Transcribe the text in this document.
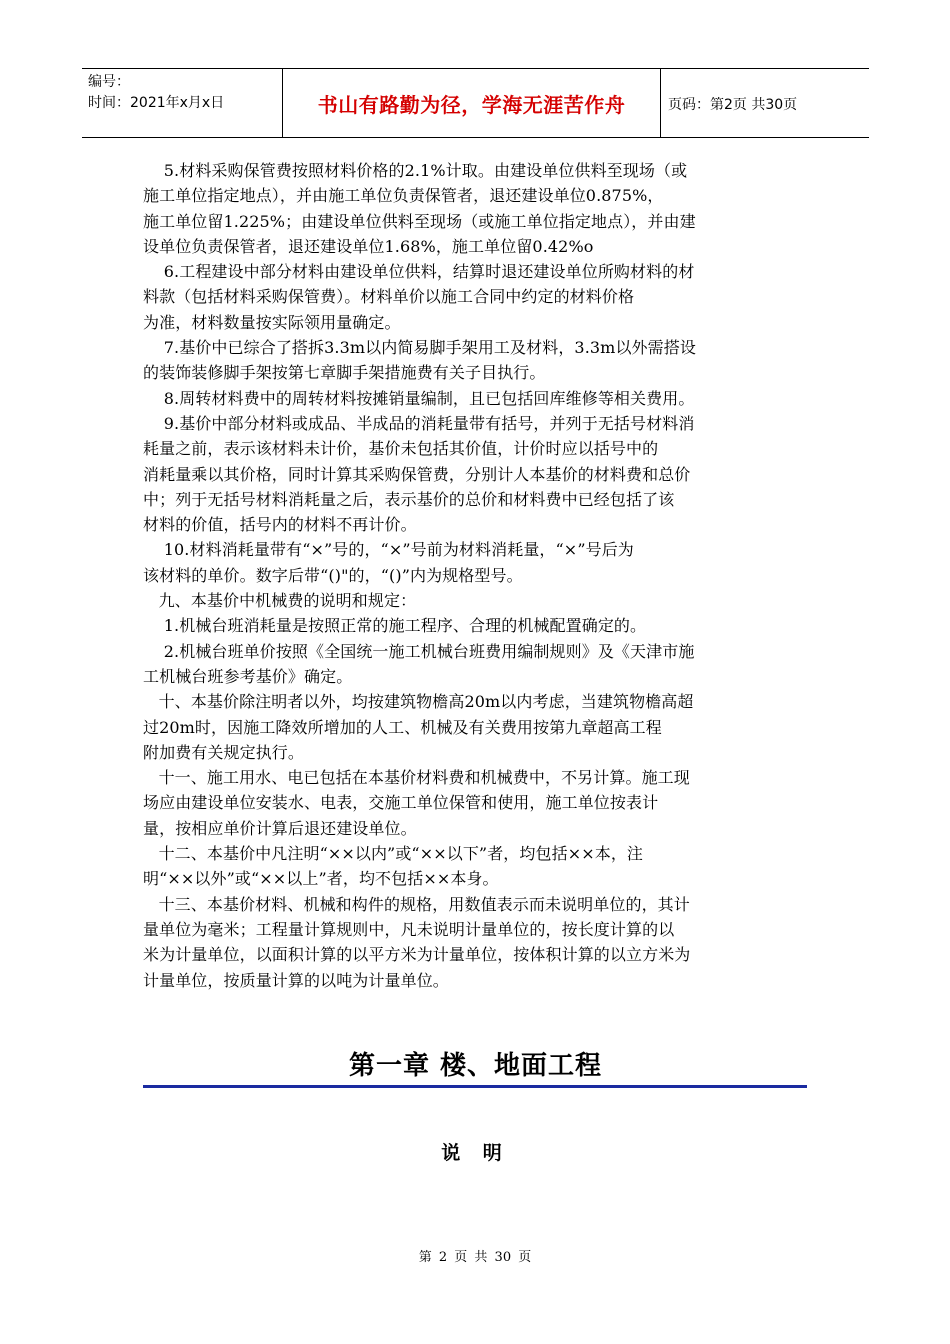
编号：
时间：2021年x月x日	书山有路勤为径，学海无涯苦作舟	页码：第2页 共30页

5.材料采购保管费按照材料价格的2.1%计取。由建设单位供料至现场（或
施工单位指定地点），并由施工单位负责保管者，退还建设单位0.875%，
施工单位留1.225%；由建设单位供料至现场（或施工单位指定地点），并由建
设单位负责保管者，退还建设单位1.68%，施工单位留0.42%o

6.工程建设中部分材料由建设单位供料，结算时退还建设单位所购材料的材
料款（包括材料采购保管费）。材料单价以施工合同中约定的材料价格
为准，材料数量按实际领用量确定。

7.基价中已综合了搭拆3.3m以内简易脚手架用工及材料，3.3m以外需搭设
的装饰装修脚手架按第七章脚手架措施费有关子目执行。

8.周转材料费中的周转材料按摊销量编制，且已包括回库维修等相关费用。

9.基价中部分材料或成品、半成品的消耗量带有括号，并列于无括号材料消
耗量之前，表示该材料未计价，基价未包括其价值，计价时应以括号中的
消耗量乘以其价格，同时计算其采购保管费，分别计人本基价的材料费和总价
中；列于无括号材料消耗量之后，表示基价的总价和材料费中已经包括了该
材料的价值，括号内的材料不再计价。

10.材料消耗量带有“×”号的，“×”号前为材料消耗量，“×”号后为
该材料的单价。数字后带“()"的，“()”内为规格型号。

九、本基价中机械费的说明和规定：

1.机械台班消耗量是按照正常的施工程序、合理的机械配置确定的。

2.机械台班单价按照《全国统一施工机械台班费用编制规则》及《天津市施
工机械台班参考基价》确定。

十、本基价除注明者以外，均按建筑物檐高20m以内考虑，当建筑物檐高超
过20m时，因施工降效所增加的人工、机械及有关费用按第九章超高工程
附加费有关规定执行。

十一、施工用水、电已包括在本基价材料费和机械费中，不另计算。施工现
场应由建设单位安装水、电表，交施工单位保管和使用，施工单位按表计
量，按相应单价计算后退还建设单位。

十二、本基价中凡注明“××以内”或“××以下”者，均包括××本，注
明“××以外”或“××以上”者，均不包括××本身。

十三、本基价材料、机械和构件的规格，用数值表示而未说明单位的，其计
量单位为毫米；工程量计算规则中，凡未说明计量单位的，按长度计算的以
米为计量单位，以面积计算的以平方米为计量单位，按体积计算的以立方米为
计量单位，按质量计算的以吨为计量单位。

第一章 楼、地面工程
说 明
第 2 页 共 30 页
